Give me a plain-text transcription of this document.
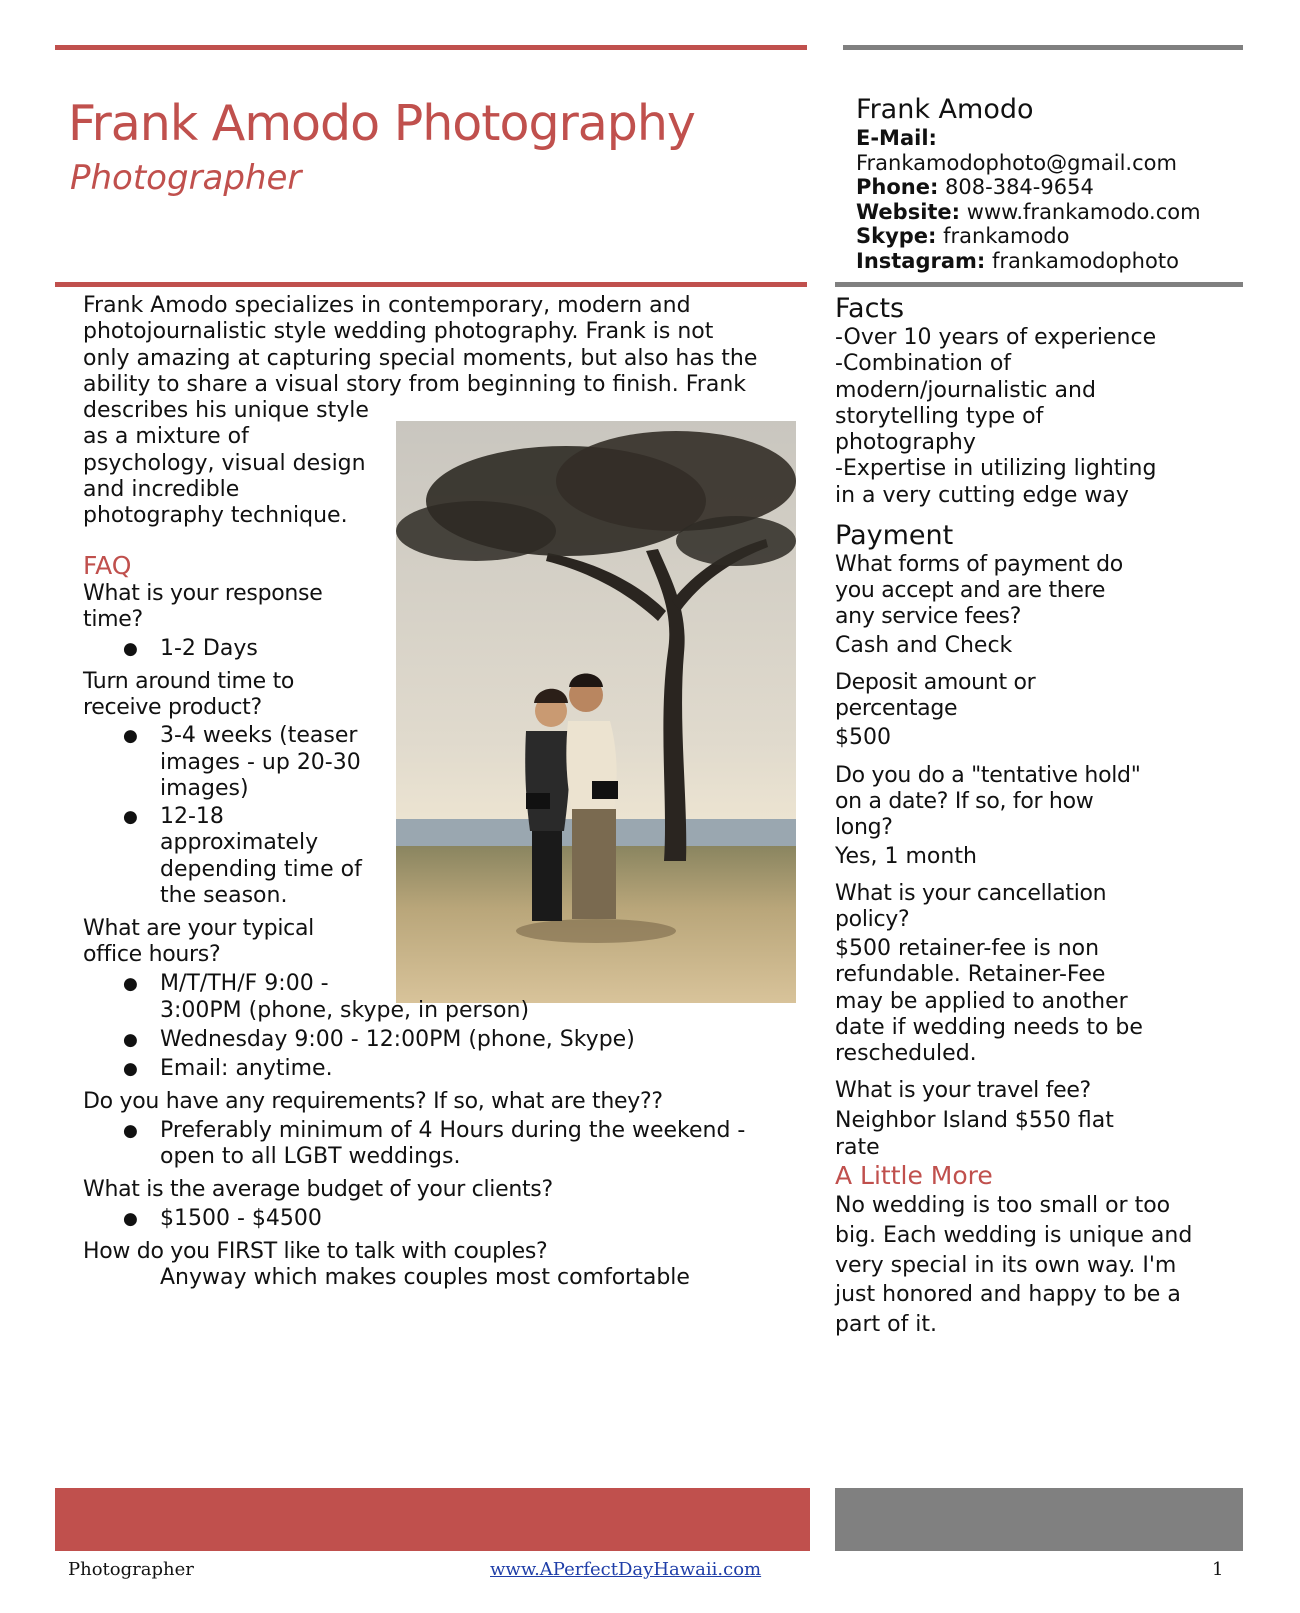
Frank Amodo Photography
Photographer
Frank Amodo
E-Mail:
Frankamodophoto@gmail.com
Phone: 808-384-9654
Website: www.frankamodo.com
Skype: frankamodo
Instagram: frankamodophoto
Frank Amodo specializes in contemporary, modern and
photojournalistic style wedding photography. Frank is not
only amazing at capturing special moments, but also has the
ability to share a visual story from beginning to finish. Frank
describes his unique style
as a mixture of
psychology, visual design
and incredible
photography technique.
FAQ
What is your response
time?
● 1-2 Days
Turn around time to
receive product?
● 3-4 weeks (teaser
images - up 20-30
images)
● 12-18
approximately
depending time of
the season.
What are your typical
office hours?
● M/T/TH/F 9:00 -
3:00PM (phone, skype, in person)
● Wednesday 9:00 - 12:00PM (phone, Skype)
● Email: anytime.
Do you have any requirements? If so, what are they??
● Preferably minimum of 4 Hours during the weekend -
open to all LGBT weddings.
What is the average budget of your clients?
● $1500 - $4500
How do you FIRST like to talk with couples?
Anyway which makes couples most comfortable
Facts
-Over 10 years of experience
-Combination of
modern/journalistic and
storytelling type of
photography
-Expertise in utilizing lighting
in a very cutting edge way
Payment
What forms of payment do
you accept and are there
any service fees?
Cash and Check
Deposit amount or
percentage
$500
Do you do a "tentative hold"
on a date? If so, for how
long?
Yes, 1 month
What is your cancellation
policy?
$500 retainer-fee is non
refundable. Retainer-Fee
may be applied to another
date if wedding needs to be
rescheduled.
What is your travel fee?
Neighbor Island $550 flat
rate
A Little More
No wedding is too small or too
big. Each wedding is unique and
very special in its own way. I'm
just honored and happy to be a
part of it.
Photographer	www.APerfectDayHawaii.com	1
